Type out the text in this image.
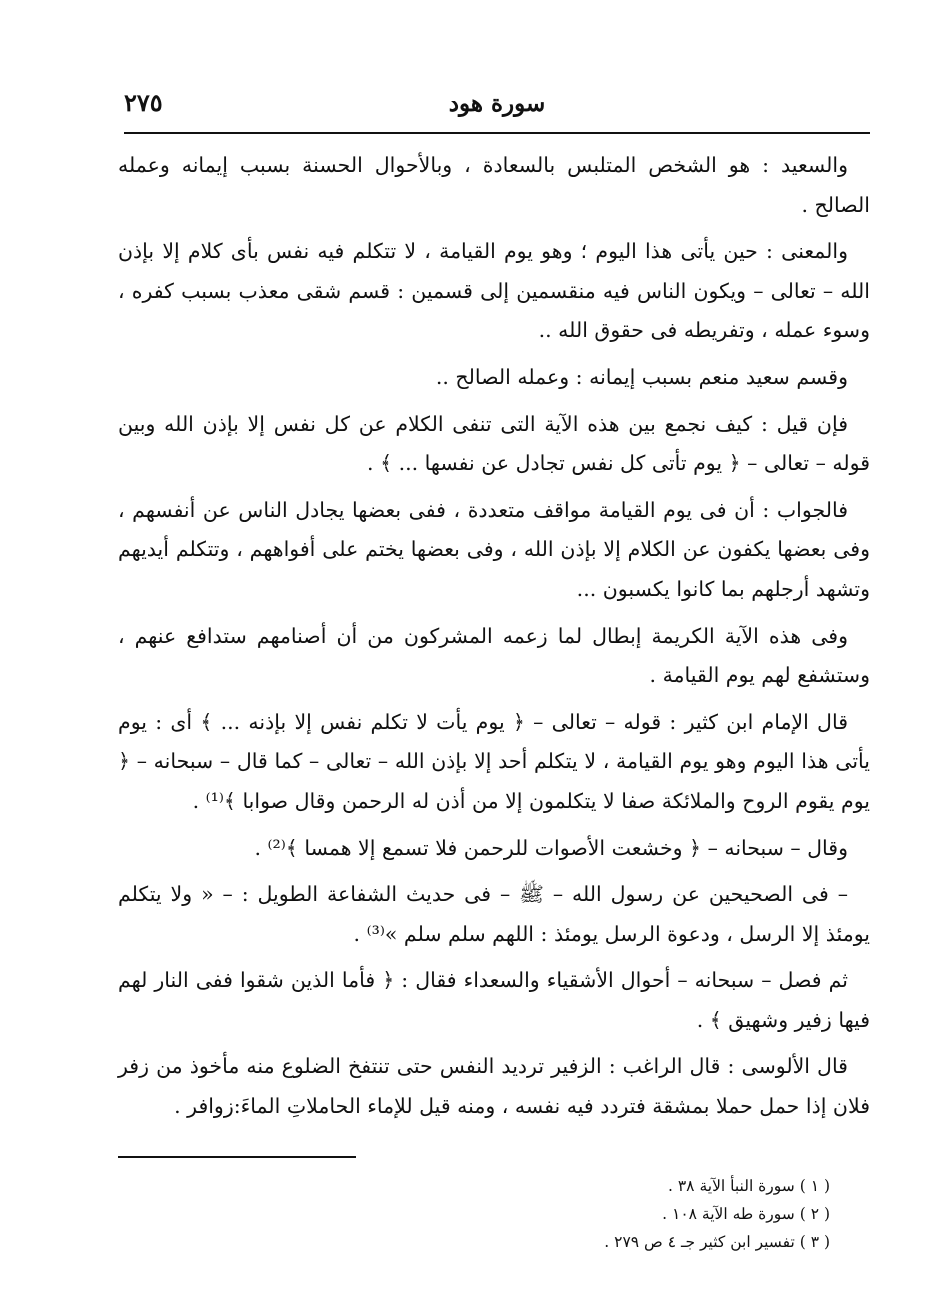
سورة هود
٢٧٥

والسعيد : هو الشخص المتلبس بالسعادة ، وبالأحوال الحسنة بسبب إيمانه وعمله الصالح .

والمعنى : حين يأتى هذا اليوم ؛ وهو يوم القيامة ، لا تتكلم فيه نفس بأى كلام إلا بإذن الله – تعالى – ويكون الناس فيه منقسمين إلى قسمين : قسم شقى معذب بسبب كفره ، وسوء عمله ، وتفريطه فى حقوق الله ..

وقسم سعيد منعم بسبب إيمانه : وعمله الصالح ..

فإن قيل : كيف نجمع بين هذه الآية التى تنفى الكلام عن كل نفس إلا بإذن الله وبين قوله – تعالى – ﴿ يوم تأتى كل نفس تجادل عن نفسها ... ﴾ .

فالجواب : أن فى يوم القيامة مواقف متعددة ، ففى بعضها يجادل الناس عن أنفسهم ، وفى بعضها يكفون عن الكلام إلا بإذن الله ، وفى بعضها يختم على أفواههم ، وتتكلم أيديهم وتشهد أرجلهم بما كانوا يكسبون ...

وفى هذه الآية الكريمة إبطال لما زعمه المشركون من أن أصنامهم ستدافع عنهم ، وستشفع لهم يوم القيامة .

قال الإمام ابن كثير : قوله – تعالى – ﴿ يوم يأت لا تكلم نفس إلا بإذنه ... ﴾ أى : يوم يأتى هذا اليوم وهو يوم القيامة ، لا يتكلم أحد إلا بإذن الله – تعالى – كما قال – سبحانه – ﴿ يوم يقوم الروح والملائكة صفا لا يتكلمون إلا من أذن له الرحمن وقال صوابا ﴾⁽¹⁾ .

وقال – سبحانه – ﴿ وخشعت الأصوات للرحمن فلا تسمع إلا همسا ﴾⁽²⁾ .

– فى الصحيحين عن رسول الله – ﷺ – فى حديث الشفاعة الطويل : – « ولا يتكلم يومئذ إلا الرسل ، ودعوة الرسل يومئذ : اللهم سلم سلم »⁽³⁾ .

ثم فصل – سبحانه – أحوال الأشقياء والسعداء فقال : ﴿ فأما الذين شقوا ففى النار لهم فيها زفير وشهيق ﴾ .

قال الألوسى : قال الراغب : الزفير ترديد النفس حتى تنتفخ الضلوع منه مأخوذ من زفر فلان إذا حمل حملا بمشقة فتردد فيه نفسه ، ومنه قيل للإماء الحاملاتِ الماءَ:زوافر .

( ١ ) سورة النبأ الآية ٣٨ .
( ٢ ) سورة طه الآية ١٠٨ .
( ٣ ) تفسير ابن كثير جـ ٤ ص ٢٧٩ .
